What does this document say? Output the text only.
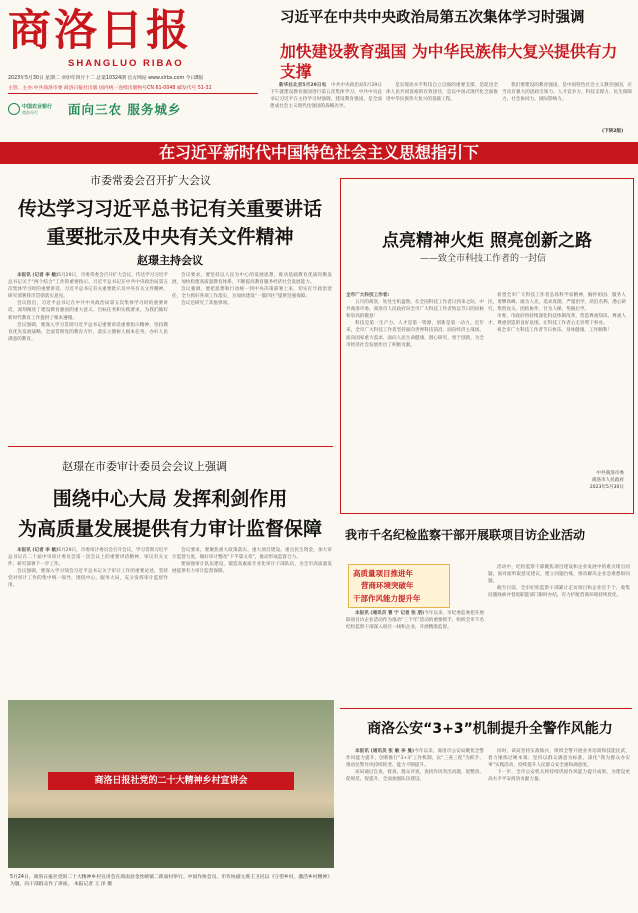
商洛日报
SHANGLUO RIBAO
2023年5月30日 星期二 癸卯年四月十二 总第10324期 官方网站 www.slrbs.com 今日8版
主管、主办:中共商洛市委 商洛日报社出版 国内统一连续出版物号CN 61-0048 邮发代号 51-32
中国农业银行
商洛分行 面向三农 服务城乡
习近平在中共中央政治局第五次集体学习时强调
加快建设教育强国 为中华民族伟大复兴提供有力支撑

新华社北京5月29日电　中共中央政治局5月29日下午就建设教育强国进行第五次集体学习。中共中央总书记习近平在主持学习时强调，建设教育强国，是全面建成社会主义现代化强国的战略先导。

是实现高水平科技自立自强的重要支撑，是促进全体人民共同富裕的有效途径，是以中国式现代化全面推进中华民族伟大复兴的基础工程。

我们要建设的教育强国，是中国特色社会主义教育强国，应当具有强大的思政引领力、人才竞争力、科技支撑力、民生保障力、社会协同力、国际影响力。

(下转2版)
在习近平新时代中国特色社会主义思想指引下
市委常委会召开扩大会议
传达学习习近平总书记有关重要讲话
重要批示及中央有关文件精神
赵璟主持会议

本报讯 (记者 李 敏)5月29日，市委常委会召开扩大会议，传达学习习近平总书记关于“两个结合”工作的重要指示、习近平总书记在中共中央政治局第五次集体学习时的重要讲话、习近平总书记有关重要批示及中央有关文件精神，研究部署我市贯彻落实意见。

会议指出，习近平总书记在中共中央政治局第五次集体学习时的重要讲话，深刻阐述了建设教育强国的重大意义、目标任务和实践要求，为我们做好新时代教育工作提供了根本遵循。

会议强调，要深入学习贯彻习近平总书记重要讲话重要指示精神，坚持教育优先发展战略，全面贯彻党的教育方针，落实立德树人根本任务，办好人民满意的教育。

会议要求，要坚持以人民为中心的发展思想，推动基础教育优质均衡发展，加快构建高质量教育体系，不断提高教育服务经济社会发展能力。

会议强调，要把思想和行动统一到中央决策部署上来，切实扛牢政治责任，全力抓好各项工作落实，为加快建设“一都四区”提供坚强保障。

会议还研究了其他事项。

点亮精神火炬 照亮创新之路
——致全市科技工作者的一封信

全市广大科技工作者:

五月的商洛，处处生机盎然。在全国科技工作者日到来之际，中共商洛市委、商洛市人民政府向全市广大科技工作者致以节日的问候和崇高的敬意！

科技是第一生产力，人才是第一资源，创新是第一动力。近年来，全市广大科技工作者坚持面向世界科技前沿、面向经济主战场、面向国家重大需求、面向人民生命健康，潜心研究、勇于创新，为全市经济社会发展作出了积极贡献。

希望全市广大科技工作者弘扬科学家精神，胸怀祖国、服务人民，勇攀高峰、敢为人先，追求真理、严谨治学，淡泊名利、潜心研究，集智攻关、团结协作，甘为人梯、奖掖后学。

市委、市政府将持续深化科技体制改革，营造尊重知识、尊重人才、尊重创造的良好氛围，让科技工作者心无旁骛干事业。

祝全市广大科技工作者节日快乐、身体健康、工作顺利！

中共商洛市委
商洛市人民政府
2023年5月30日
赵璟在市委审计委员会会议上强调
围绕中心大局 发挥利剑作用
为高质量发展提供有力审计监督保障

本报讯 (记者 李 敏)5月29日，市委审计委员会召开会议，学习贯彻习近平总书记在二十届中央审计委员会第一次会议上的重要讲话精神，审议有关文件，研究部署下一步工作。

会议强调，要深入学习领会习近平总书记关于审计工作的重要论述，坚持党对审计工作的集中统一领导，围绕中心、服务大局，充分发挥审计监督作用。

会议要求，要聚焦重大政策落实、重大项目建设、重点民生资金，加大审计监督力度，做好审计整改“下半篇文章”，推动形成监督合力。

要加强审计队伍建设，锻造高素质专业化审计干部队伍，为全市高质量发展提供有力审计监督保障。

我市千名纪检监察干部开展联项目访企业活动
高质量项目推进年
营商环境突破年
干部作风能力提升年

本报讯 (通讯员 曹 宁 记者 张 朋)今年以来，市纪委监委把开展联项目访企业活动作为推动“三个年”活动的重要抓手，组织全市千名纪检监察干部深入项目一线和企业，开展精准监督。

活动中，纪检监察干部聚焦项目建设和企业发展中的难点堵点问题，面对面听取意见建议，建立问题台账，推动解决企业急难愁盼问题。

截至目前，全市纪检监察干部累计走访项目和企业近千个，收集问题线索并督促职能部门限时办结，有力护航营商环境持续优化。

商洛日报社党的二十大精神乡村宣讲会
5月24日，商洛日报社党的二十大精神乡村宣讲会在商南县金丝峡镇二郎庙村举行。中国作协会员、市作协副主席王卫民以《守望乡村，激活乡村精神》为题，向干部群众作了讲座。 本报记者 王 泽 摄
商洛公安“3+3”机制提升全警作风能力

本报讯 (通讯员 张 敏 李 曼)今年以来，商洛市公安局聚焦全警作风能力提升，创新推行“3+3”工作机制，以“三查三促”为抓手，推动民警作风持续转变、能力不断提升。

该局通过自查、督查、群众评查，查找作风突出问题，促整改、促规范、促提升，全面加强队伍建设。

同时，该局坚持实战练兵，组织全警开展业务培训和技能比武，着力锤炼过硬本领；坚持以群众满意为标准，深化“我为群众办实事”实践活动，持续提升人民群众安全感和满意度。

下一步，全市公安机关将持续巩固作风能力提升成果，为建设更高水平平安商洛贡献力量。
